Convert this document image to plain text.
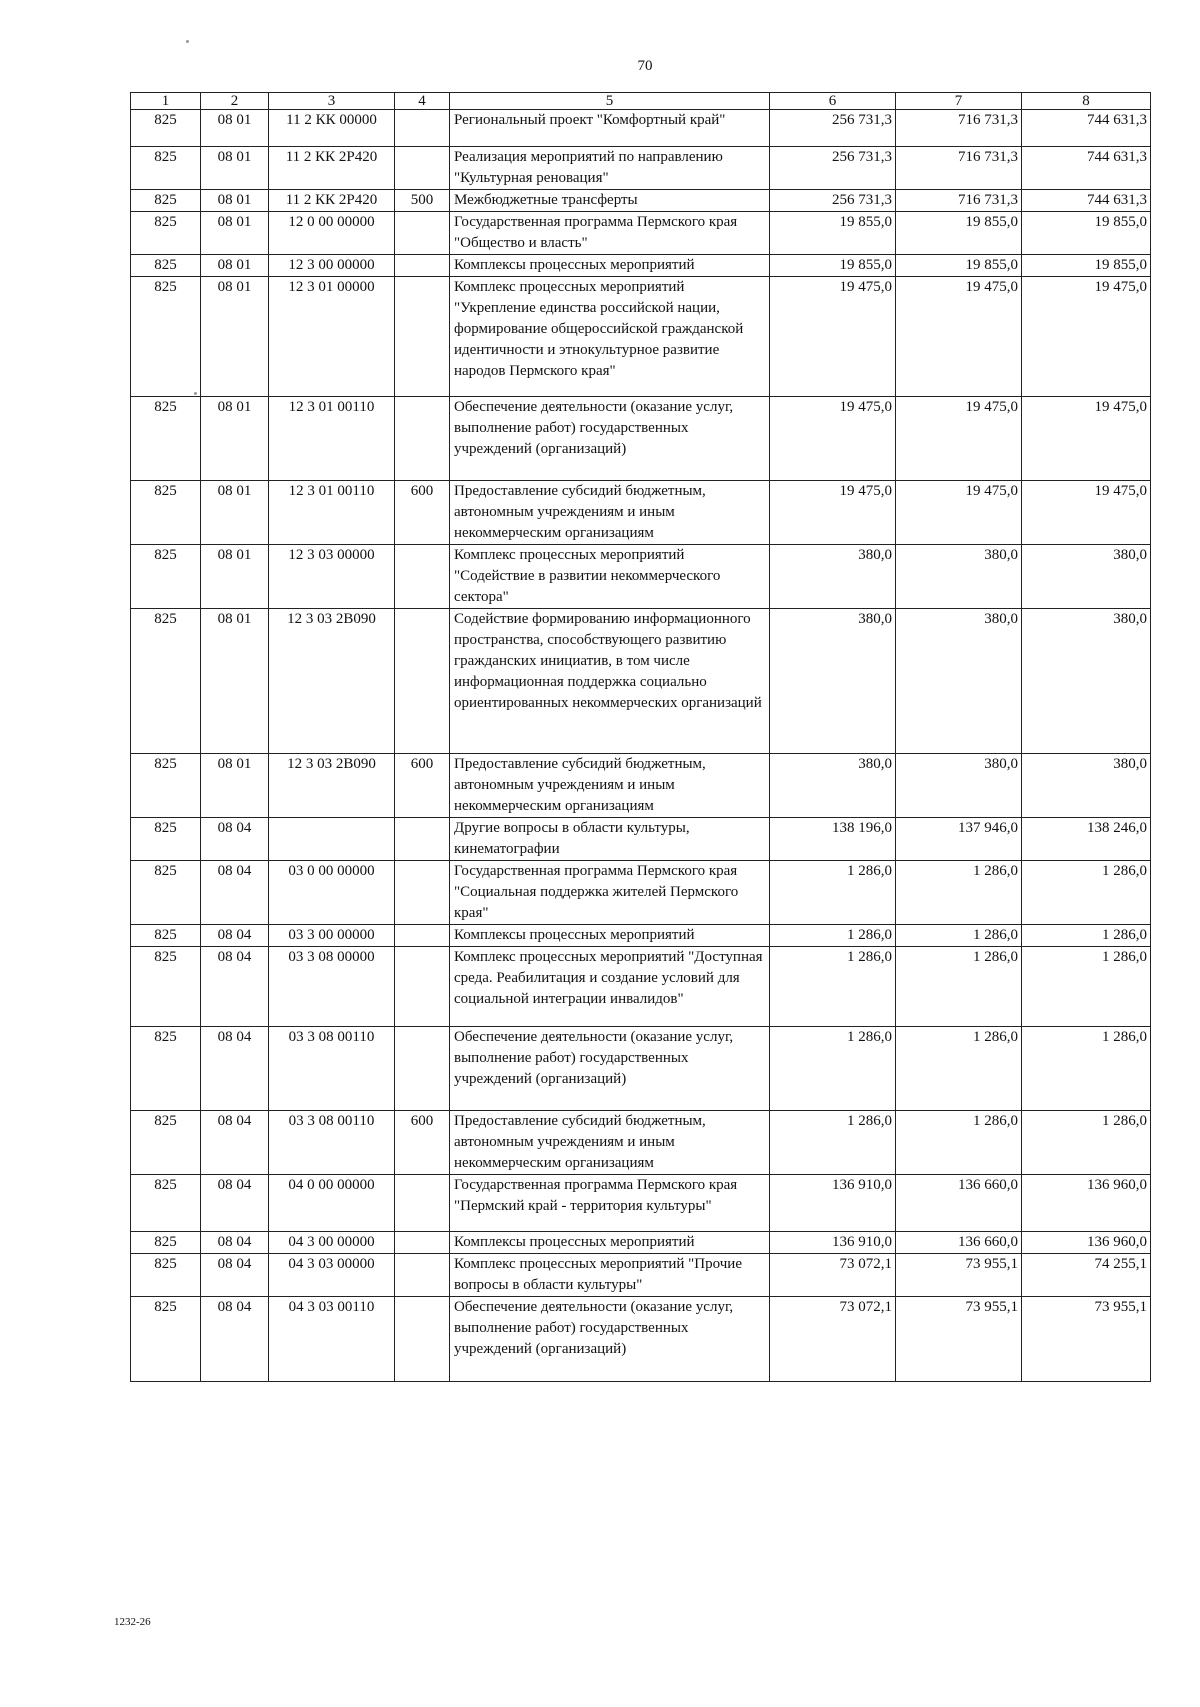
70
1	2	3	4	5	6	7	8
825	08 01	11 2 КК 00000		Региональный проект "Комфортный край"	256 731,3	716 731,3	744 631,3
825	08 01	11 2 КК 2Р420		Реализация мероприятий по направлению "Культурная реновация"	256 731,3	716 731,3	744 631,3
825	08 01	11 2 КК 2Р420	500	Межбюджетные трансферты	256 731,3	716 731,3	744 631,3
825	08 01	12 0 00 00000		Государственная программа Пермского края "Общество и власть"	19 855,0	19 855,0	19 855,0
825	08 01	12 3 00 00000		Комплексы процессных мероприятий	19 855,0	19 855,0	19 855,0
825	08 01	12 3 01 00000		Комплекс процессных мероприятий "Укрепление единства российской нации, формирование общероссийской гражданской идентичности и этнокультурное развитие народов Пермского края"	19 475,0	19 475,0	19 475,0
825	08 01	12 3 01 00110		Обеспечение деятельности (оказание услуг, выполнение работ) государственных учреждений (организаций)	19 475,0	19 475,0	19 475,0
825	08 01	12 3 01 00110	600	Предоставление субсидий бюджетным, автономным учреждениям и иным некоммерческим организациям	19 475,0	19 475,0	19 475,0
825	08 01	12 3 03 00000		Комплекс процессных мероприятий "Содействие в развитии некоммерческого сектора"	380,0	380,0	380,0
825	08 01	12 3 03 2В090		Содействие формированию информационного пространства, способствующего развитию гражданских инициатив, в том числе информационная поддержка социально ориентированных некоммерческих организаций	380,0	380,0	380,0
825	08 01	12 3 03 2В090	600	Предоставление субсидий бюджетным, автономным учреждениям и иным некоммерческим организациям	380,0	380,0	380,0
825	08 04			Другие вопросы в области культуры, кинематографии	138 196,0	137 946,0	138 246,0
825	08 04	03 0 00 00000		Государственная программа Пермского края "Социальная поддержка жителей Пермского края"	1 286,0	1 286,0	1 286,0
825	08 04	03 3 00 00000		Комплексы процессных мероприятий	1 286,0	1 286,0	1 286,0
825	08 04	03 3 08 00000		Комплекс процессных мероприятий "Доступная среда. Реабилитация и создание условий для социальной интеграции инвалидов"	1 286,0	1 286,0	1 286,0
825	08 04	03 3 08 00110		Обеспечение деятельности (оказание услуг, выполнение работ) государственных учреждений (организаций)	1 286,0	1 286,0	1 286,0
825	08 04	03 3 08 00110	600	Предоставление субсидий бюджетным, автономным учреждениям и иным некоммерческим организациям	1 286,0	1 286,0	1 286,0
825	08 04	04 0 00 00000		Государственная программа Пермского края "Пермский край - территория культуры"	136 910,0	136 660,0	136 960,0
825	08 04	04 3 00 00000		Комплексы процессных мероприятий	136 910,0	136 660,0	136 960,0
825	08 04	04 3 03 00000		Комплекс процессных мероприятий "Прочие вопросы в области культуры"	73 072,1	73 955,1	74 255,1
825	08 04	04 3 03 00110		Обеспечение деятельности (оказание услуг, выполнение работ) государственных учреждений (организаций)	73 072,1	73 955,1	73 955,1
1232-26
